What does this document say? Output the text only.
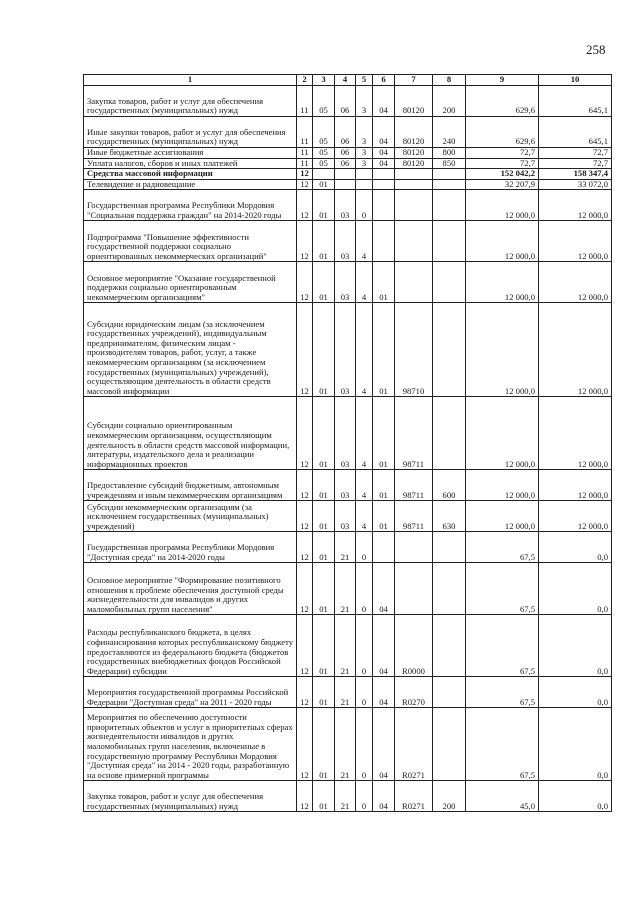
258
1	2	3	4	5	6	7	8	9	10
Закупка товаров, работ и услуг для обеспечения государственных (муниципальных) нужд	11	05	06	3	04	80120	200	629,6	645,1
Иные закупки товаров, работ и услуг для обеспечения государственных (муниципальных) нужд	11	05	06	3	04	80120	240	629,6	645,1
Иные бюджетные ассигнования	11	05	06	3	04	80120	800	72,7	72,7
Уплата налогов, сборов и иных платежей	11	05	06	3	04	80120	850	72,7	72,7
Средства массовой информации	12							152 042,2	158 347,4
Телевидение и радиовещание	12	01						32 207,9	33 072,0
Государственная программа Республики Мордовия "Социальная поддержка граждан" на 2014-2020 годы	12	01	03	0				12 000,0	12 000,0
Подпрограмма "Повышение эффективности государственной поддержки социально ориентированных некоммерческих организаций"	12	01	03	4				12 000,0	12 000,0
Основное мероприятие "Оказание государственной поддержки социально ориентированным некоммерческим организациям"	12	01	03	4	01			12 000,0	12 000,0
Субсидии юридическим лицам (за исключением государственных учреждений), индивидуальным предпринимателям, физическим лицам - производителям товаров, работ, услуг, а также некоммерческим организациям (за исключением государственных (муниципальных) учреждений), осуществляющим деятельность в области средств массовой информации	12	01	03	4	01	98710		12 000,0	12 000,0
Субсидии социально ориентированным некоммерческим организациям, осуществляющим деятельность в области средств массовой информации, литературы, издательского дела и реализации информационных проектов	12	01	03	4	01	98711		12 000,0	12 000,0
Предоставление субсидий бюджетным, автономным учреждениям и иным некоммерческим организациям	12	01	03	4	01	98711	600	12 000,0	12 000,0
Субсидии некоммерческим организациям (за исключением государственных (муниципальных) учреждений)	12	01	03	4	01	98711	630	12 000,0	12 000,0
Государственная программа Республики Мордовия "Доступная среда" на 2014-2020 годы	12	01	21	0				67,5	0,0
Основное мероприятие "Формирование позитивного отношения к проблеме обеспечения доступной среды жизнедеятельности для инвалидов и других маломобильных групп населения"	12	01	21	0	04			67,5	0,0
Расходы республиканского бюджета, в целях софинансирования которых республиканскому бюджету предоставляются из федерального бюджета (бюджетов государственных внебюджетных фондов Российской Федерации) субсидии	12	01	21	0	04	R0000		67,5	0,0
Мероприятия государственной программы Российской Федерации "Доступная среда" на 2011 - 2020 годы	12	01	21	0	04	R0270		67,5	0,0
Мероприятия по обеспечению доступности приоритетных объектов и услуг в приоритетных сферах жизнедеятельности инвалидов и других маломобильных групп населения, включенные в государственную программу Республики Мордовия "Доступная среда" на 2014 - 2020 годы, разработанную на основе примерной программы	12	01	21	0	04	R0271		67,5	0,0
Закупка товаров, работ и услуг для обеспечения государственных (муниципальных) нужд	12	01	21	0	04	R0271	200	45,0	0,0
